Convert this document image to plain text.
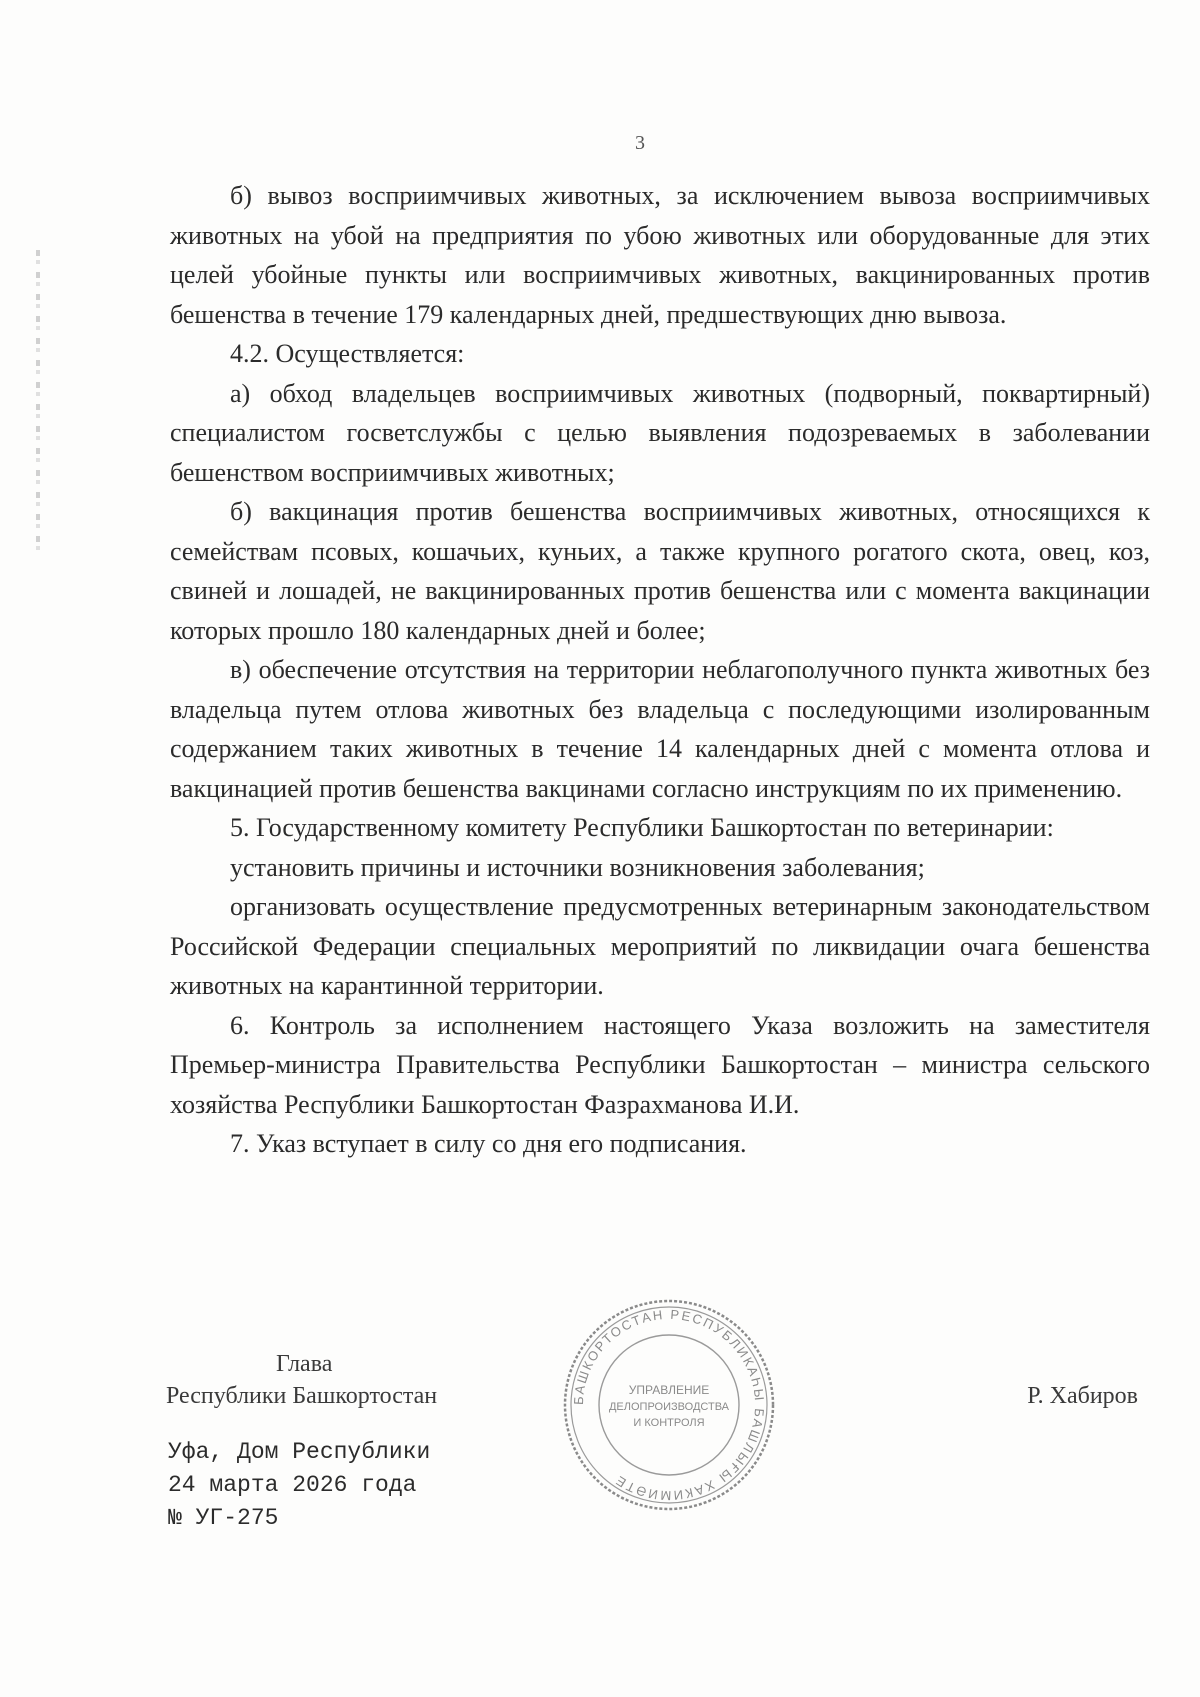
3

б) вывоз восприимчивых животных, за исключением вывоза восприимчивых животных на убой на предприятия по убою животных или оборудованные для этих целей убойные пункты или восприимчивых животных, вакцинированных против бешенства в течение 179 календарных дней, предшествующих дню вывоза.

4.2. Осуществляется:

а) обход владельцев восприимчивых животных (подворный, поквартирный) специалистом госветслужбы с целью выявления подозреваемых в заболевании бешенством восприимчивых животных;

б) вакцинация против бешенства восприимчивых животных, относящихся к семействам псовых, кошачьих, куньих, а также крупного рогатого скота, овец, коз, свиней и лошадей, не вакцинированных против бешенства или с момента вакцинации которых прошло 180 календарных дней и более;

в) обеспечение отсутствия на территории неблагополучного пункта животных без владельца путем отлова животных без владельца с последующими изолированным содержанием таких животных в течение 14 календарных дней с момента отлова и вакцинацией против бешенства вакцинами согласно инструкциям по их применению.

5. Государственному комитету Республики Башкортостан по ветеринарии:

установить причины и источники возникновения заболевания;

организовать осуществление предусмотренных ветеринарным законодательством Российской Федерации специальных мероприятий по ликвидации очага бешенства животных на карантинной территории.

6. Контроль за исполнением настоящего Указа возложить на заместителя Премьер-министра Правительства Республики Башкортостан – министра сельского хозяйства Республики Башкортостан Фазрахманова И.И.

7. Указ вступает в силу со дня его подписания.

Глава
Республики Башкортостан	Р. Хабиров
БАШКОРТОСТАН РЕСПУБЛИКАҺЫ БАШЛЫҒЫ ХАКИМИӘТЕ
УПРАВЛЕНИЕ
ДЕЛОПРОИЗВОДСТВА
И КОНТРОЛЯ
Уфа, Дом Республики
24 марта 2026 года
№ УГ-275
